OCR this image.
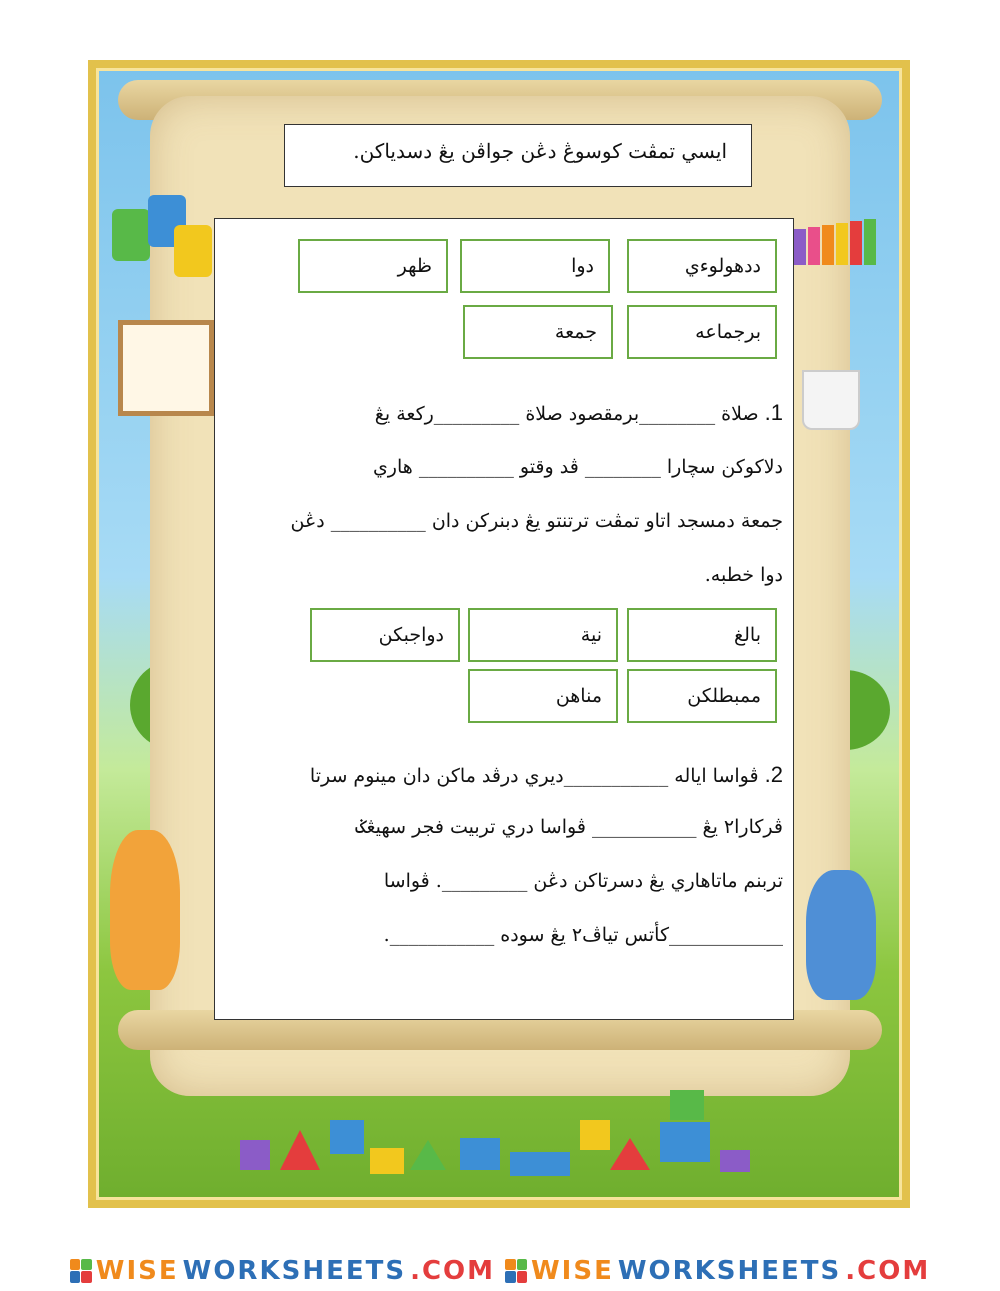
ايسي تمڤت کوسوڠ دڠن جواڤن يڠ دسدياکن.
ددهولوءي
دوا
ظهر
برجماعه
جمعة
1. صلاة ________برمقصود صلاة _________رکعة يڠ
دلاکوکن سچارا ________ ڤد وقتو __________ هاري
جمعة دمسجد اتاو تمڤت ترتنتو يڠ دبنرکن دان __________ دڠن
دوا خطبه.
بالغ
نية
دواجبکن
ممبطلکن
مناهن
2. ڤواسا اياله ___________ديري درڤد ماکن دان مينوم سرتا
ڤرکارا٢ يڠ ___________ ڤواسا دري تربيت فجر سهيڠݢ
تربنم ماتاهاري يڠ دسرتاکن دڠن _________. ڤواسا
____________کأتس تياڤ٢ يڠ سوده ___________.
WISE WORKSHEETS .COM WISE WORKSHEETS .COM
